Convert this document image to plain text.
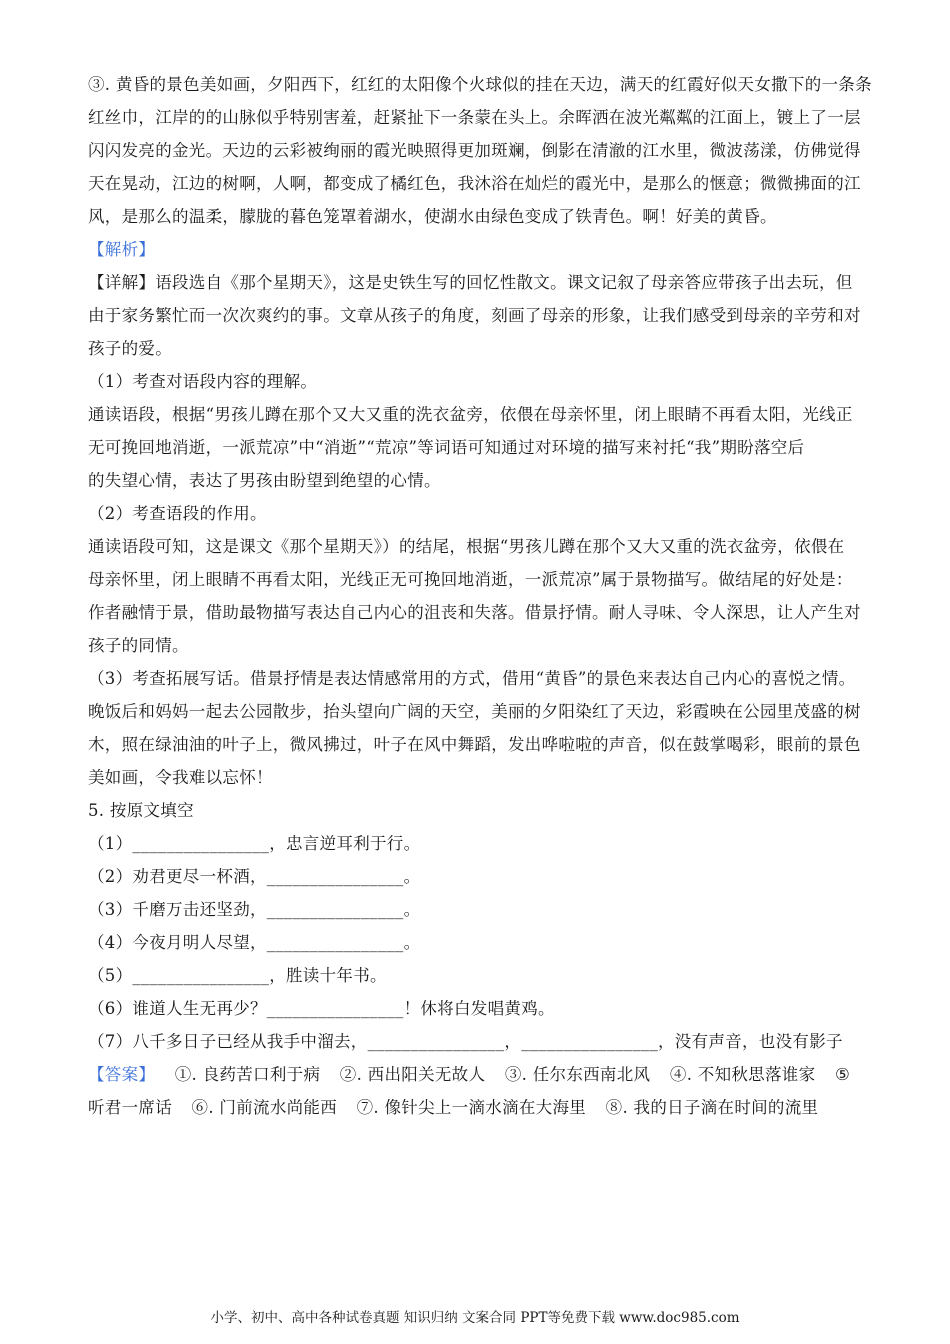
③. 黄昏的景色美如画，夕阳西下，红红的太阳像个火球似的挂在天边，满天的红霞好似天女撒下的一条条
红丝巾，江岸的的山脉似乎特别害羞，赶紧扯下一条蒙在头上。余晖洒在波光粼粼的江面上，镀上了一层
闪闪发亮的金光。天边的云彩被绚丽的霞光映照得更加斑斓，倒影在清澈的江水里，微波荡漾，仿佛觉得
天在晃动，江边的树啊，人啊，都变成了橘红色，我沐浴在灿烂的霞光中，是那么的惬意；微微拂面的江
风，是那么的温柔，朦胧的暮色笼罩着湖水，使湖水由绿色变成了铁青色。啊！好美的黄昏。
【解析】
【详解】语段选自《那个星期天》，这是史铁生写的回忆性散文。课文记叙了母亲答应带孩子出去玩，但
由于家务繁忙而一次次爽约的事。文章从孩子的角度，刻画了母亲的形象，让我们感受到母亲的辛劳和对
孩子的爱。
（1）考查对语段内容的理解。
通读语段，根据“男孩儿蹲在那个又大又重的洗衣盆旁，依偎在母亲怀里，闭上眼睛不再看太阳，光线正
无可挽回地消逝，一派荒凉”中“消逝”“荒凉”等词语可知通过对环境的描写来衬托“我”期盼落空后
的失望心情，表达了男孩由盼望到绝望的心情。
（2）考查语段的作用。
通读语段可知，这是课文《那个星期天》）的结尾，根据“男孩儿蹲在那个又大又重的洗衣盆旁，依偎在
母亲怀里，闭上眼睛不再看太阳，光线正无可挽回地消逝，一派荒凉”属于景物描写。做结尾的好处是：
作者融情于景，借助最物描写表达自己内心的沮丧和失落。借景抒情。耐人寻味、令人深思，让人产生对
孩子的同情。
（3）考查拓展写话。借景抒情是表达情感常用的方式，借用“黄昏”的景色来表达自己内心的喜悦之情。
晚饭后和妈妈一起去公园散步，抬头望向广阔的天空，美丽的夕阳染红了天边，彩霞映在公园里茂盛的树
木，照在绿油油的叶子上，微风拂过，叶子在风中舞蹈，发出哗啦啦的声音，似在鼓掌喝彩，眼前的景色
美如画，令我难以忘怀！
5. 按原文填空
（1）________________，忠言逆耳利于行。
（2）劝君更尽一杯酒，________________。
（3）千磨万击还坚劲，________________。
（4）今夜月明人尽望，________________。
（5）________________，胜读十年书。
（6）谁道人生无再少？________________！休将白发唱黄鸡。
（7）八千多日子已经从我手中溜去，________________，________________，没有声音，也没有影子
【答案】 ①. 良药苦口利于病 ②. 西出阳关无故人 ③. 任尔东西南北风 ④. 不知秋思落谁家 ⑤
听君一席话 ⑥. 门前流水尚能西 ⑦. 像针尖上一滴水滴在大海里 ⑧. 我的日子滴在时间的流里
小学、初中、高中各种试卷真题 知识归纳 文案合同 PPT等免费下载 www.doc985.com
